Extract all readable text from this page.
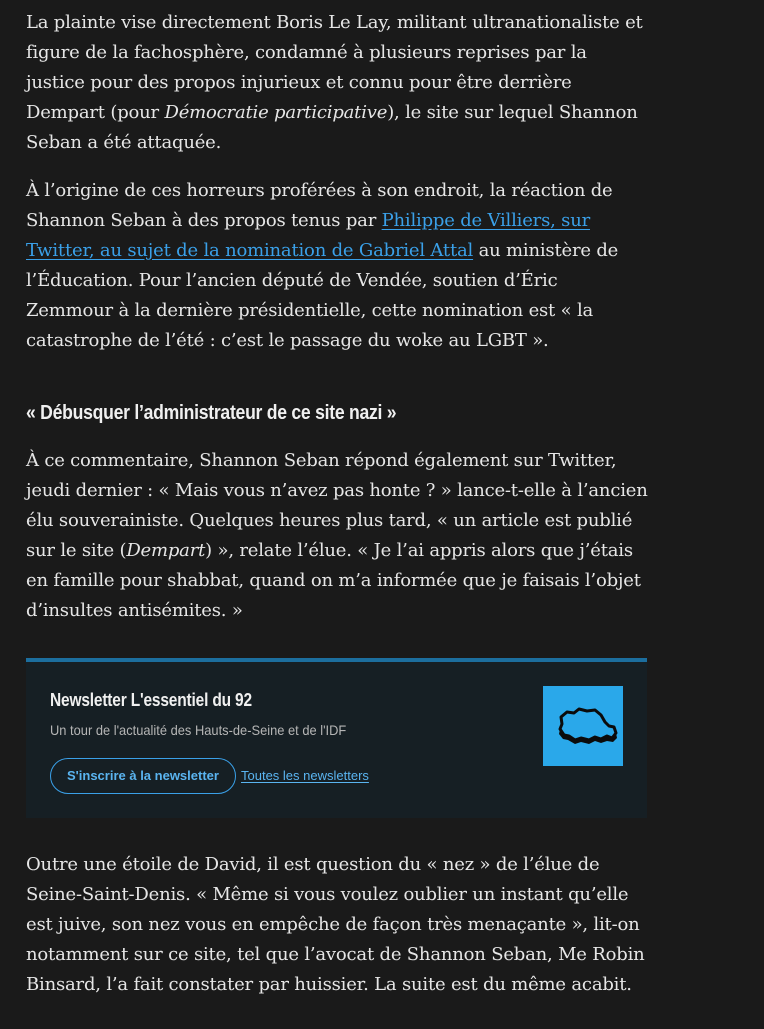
La plainte vise directement Boris Le Lay, militant ultranationaliste et figure de la fachosphère, condamné à plusieurs reprises par la justice pour des propos injurieux et connu pour être derrière Dempart (pour Démocratie participative), le site sur lequel Shannon Seban a été attaquée.

À l’origine de ces horreurs proférées à son endroit, la réaction de Shannon Seban à des propos tenus par Philippe de Villiers, sur Twitter, au sujet de la nomination de Gabriel Attal au ministère de l’Éducation. Pour l’ancien député de Vendée, soutien d’Éric Zemmour à la dernière présidentielle, cette nomination est « la catastrophe de l’été : c’est le passage du woke au LGBT ».

« Débusquer l’administrateur de ce site nazi »

À ce commentaire, Shannon Seban répond également sur Twitter, jeudi dernier : « Mais vous n’avez pas honte ? » lance-t-elle à l’ancien élu souverainiste. Quelques heures plus tard, « un article est publié sur le site (Dempart) », relate l’élue. « Je l’ai appris alors que j’étais en famille pour shabbat, quand on m’a informée que je faisais l’objet d’insultes antisémites. »

Newsletter L'essentiel du 92
Un tour de l'actualité des Hauts-de-Seine et de l'IDF
S'inscrire à la newsletter	Toutes les newsletters

Outre une étoile de David, il est question du « nez » de l’élue de Seine-Saint-Denis. « Même si vous voulez oublier un instant qu’elle est juive, son nez vous en empêche de façon très menaçante », lit-on notamment sur ce site, tel que l’avocat de Shannon Seban, Me Robin Binsard, l’a fait constater par huissier. La suite est du même acabit.
